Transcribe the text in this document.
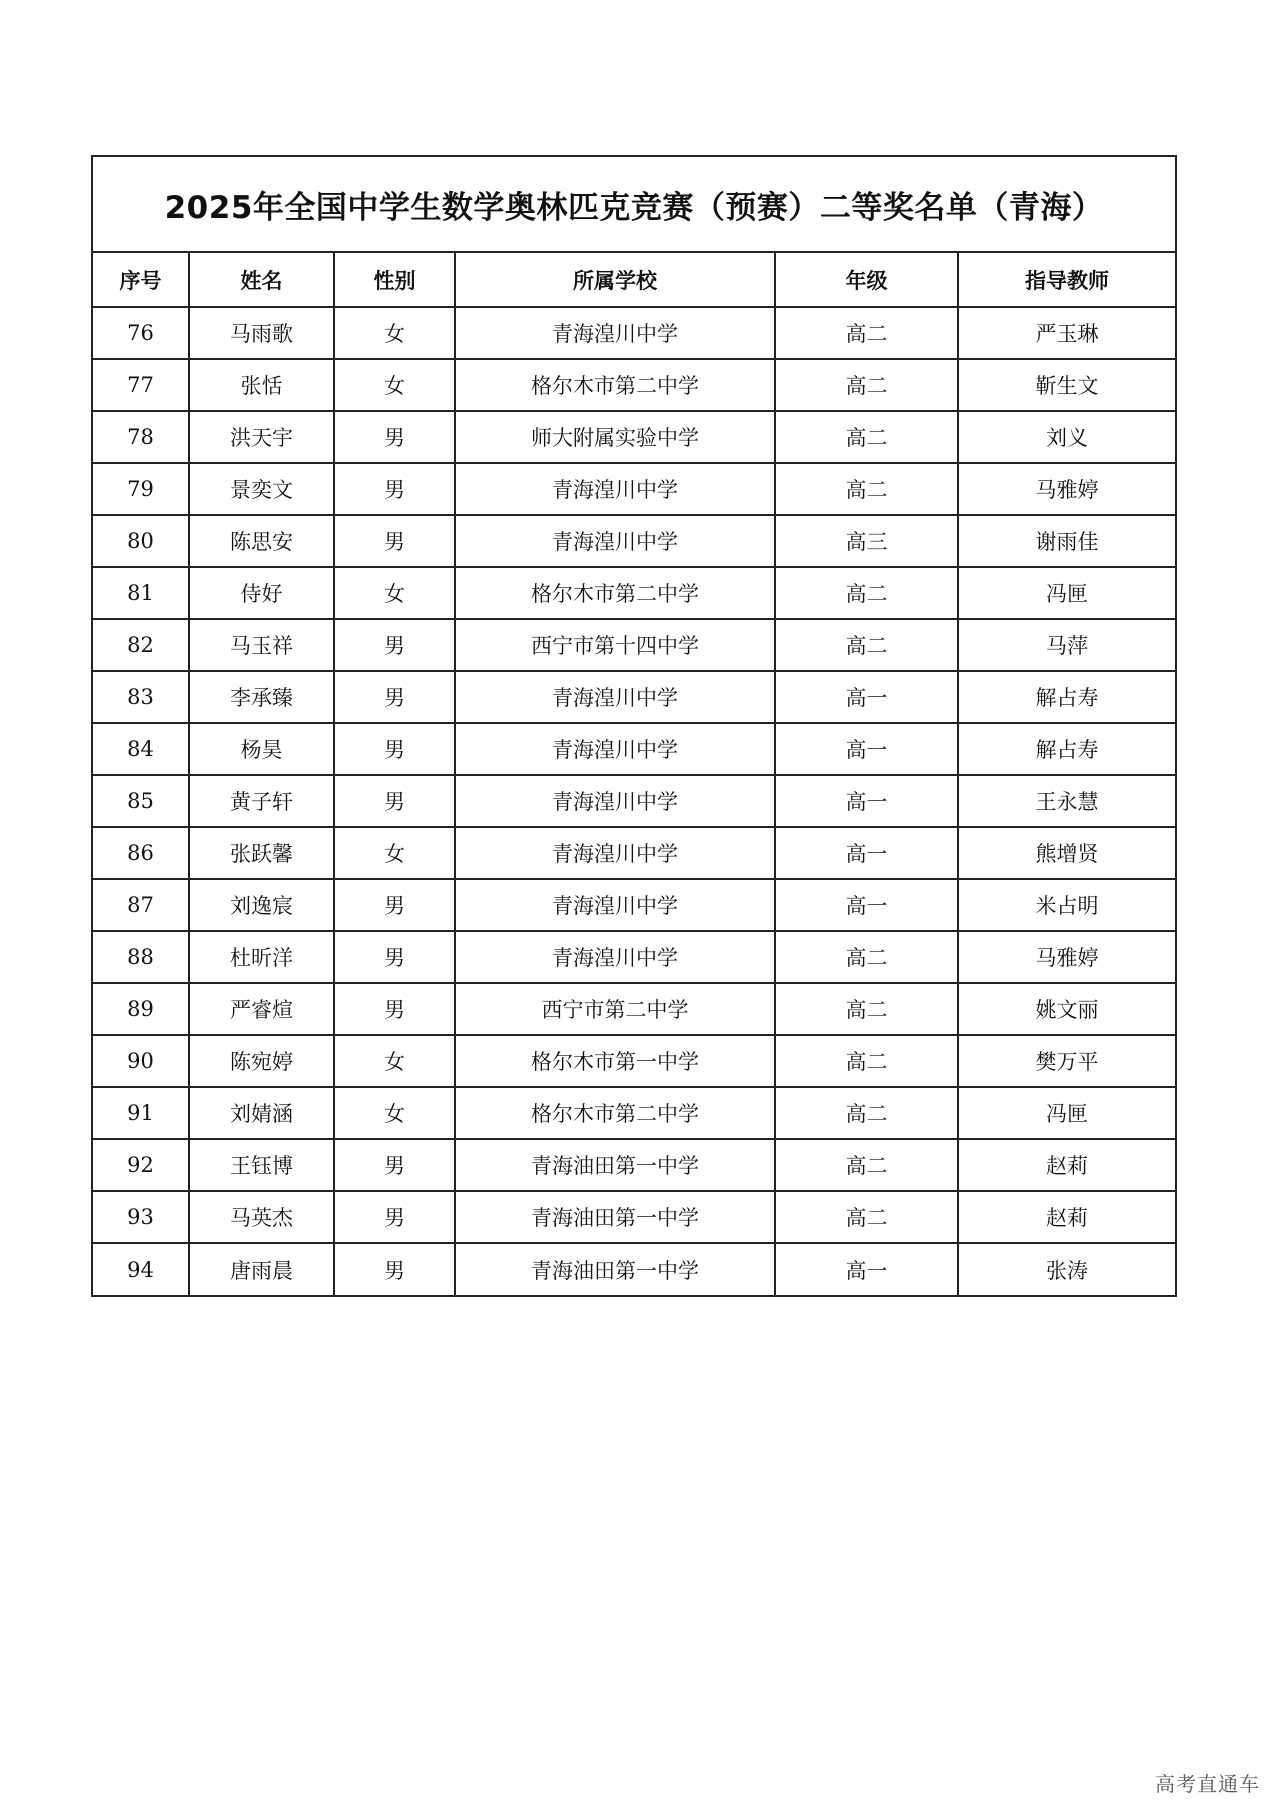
2025年全国中学生数学奥林匹克竞赛（预赛）二等奖名单（青海）
序号	姓名	性别	所属学校	年级	指导教师
76	马雨歌	女	青海湟川中学	高二	严玉琳
77	张恬	女	格尔木市第二中学	高二	靳生文
78	洪天宇	男	师大附属实验中学	高二	刘义
79	景奕文	男	青海湟川中学	高二	马雅婷
80	陈思安	男	青海湟川中学	高三	谢雨佳
81	侍好	女	格尔木市第二中学	高二	冯匣
82	马玉祥	男	西宁市第十四中学	高二	马萍
83	李承臻	男	青海湟川中学	高一	解占寿
84	杨昊	男	青海湟川中学	高一	解占寿
85	黄子轩	男	青海湟川中学	高一	王永慧
86	张跃馨	女	青海湟川中学	高一	熊增贤
87	刘逸宸	男	青海湟川中学	高一	米占明
88	杜昕洋	男	青海湟川中学	高二	马雅婷
89	严睿煊	男	西宁市第二中学	高二	姚文丽
90	陈宛婷	女	格尔木市第一中学	高二	樊万平
91	刘婧涵	女	格尔木市第二中学	高二	冯匣
92	王钰博	男	青海油田第一中学	高二	赵莉
93	马英杰	男	青海油田第一中学	高二	赵莉
94	唐雨晨	男	青海油田第一中学	高一	张涛
高考直通车
